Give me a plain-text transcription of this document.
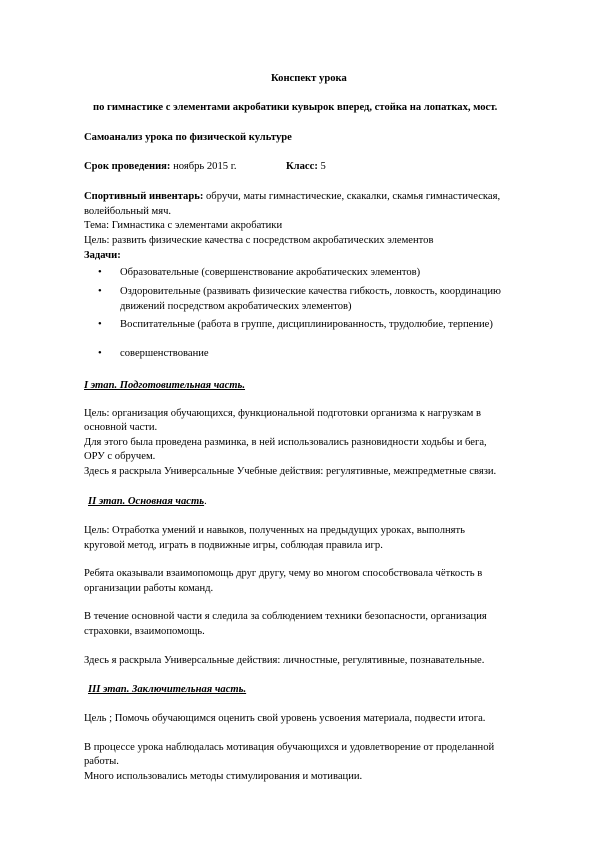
Конспект урока
по гимнастике с элементами акробатики кувырок вперед, стойка на лопатках, мост.
Самоанализ урока по физической культуре
Срок проведения: ноябрь 2015 г.	Класс: 5
Спортивный инвентарь: обручи, маты гимнастические, скакалки, скамья гимнастическая,
волейбольный мяч.
Тема: Гимнастика с элементами акробатики
Цель: развить физические качества с посредством акробатических элементов
Задачи:
• Образовательные (совершенствование акробатических элементов)
• Оздоровительные (развивать физические качества гибкость, ловкость, координацию
движений посредством акробатических элементов)
• Воспитательные (работа в группе, дисциплинированность, трудолюбие, терпение)
• совершенствование
I этап. Подготовительная часть.
Цель: организация обучающихся, функциональной подготовки организма к нагрузкам в
основной части.
Для этого была проведена разминка, в ней использовались разновидности ходьбы и бега,
ОРУ с обручем.
Здесь я раскрыла Универсальные Учебные действия: регулятивные, межпредметные связи.
II этап. Основная часть.
Цель: Отработка умений и навыков, полученных на предыдущих уроках, выполнять
круговой метод, играть в подвижные игры, соблюдая правила игр.
Ребята оказывали взаимопомощь друг другу, чему во многом способствовала чёткость в
организации работы команд.
В течение основной части я следила за соблюдением техники безопасности, организация
страховки, взаимопомощь.
Здесь я раскрыла Универсальные действия: личностные, регулятивные, познавательные.
III этап. Заключительная часть.
Цель ; Помочь обучающимся оценить свой уровень усвоения материала, подвести итога.
В процессе урока наблюдалась мотивация обучающихся и удовлетворение от проделанной
работы.
Много использовались методы стимулирования и мотивации.
